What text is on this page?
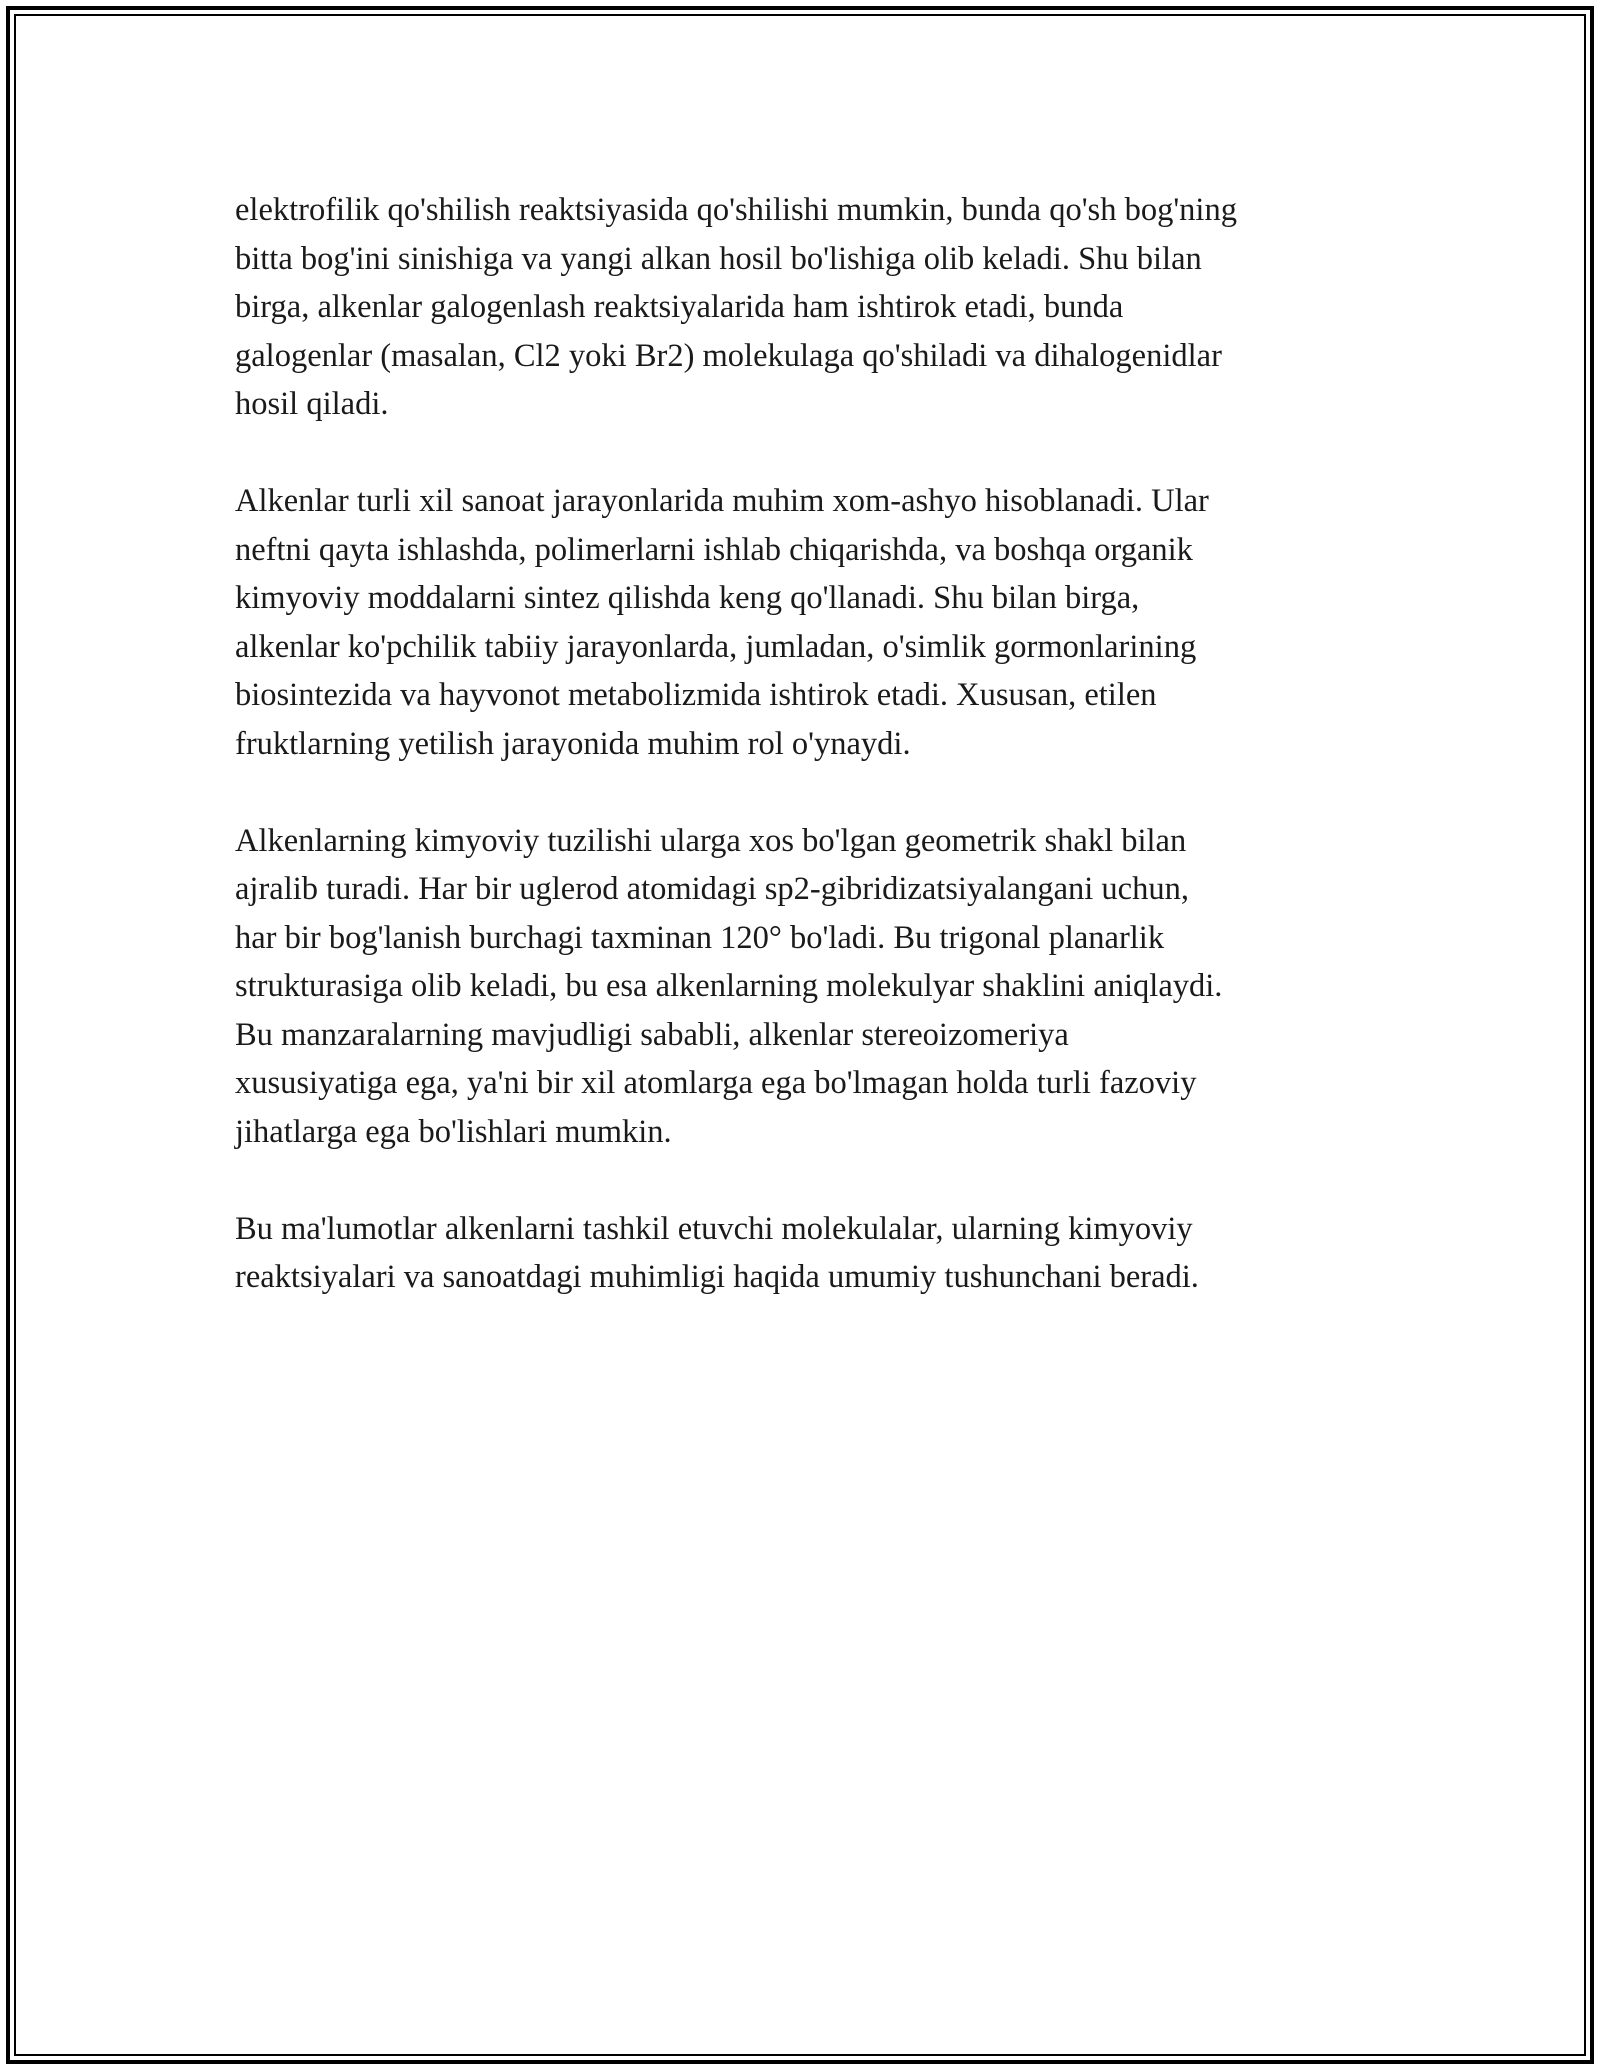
elektrofilik qo'shilish reaktsiyasida qo'shilishi mumkin, bunda qo'sh bog'ning
bitta bog'ini sinishiga va yangi alkan hosil bo'lishiga olib keladi. Shu bilan
birga, alkenlar galogenlash reaktsiyalarida ham ishtirok etadi, bunda
galogenlar (masalan, Cl2 yoki Br2) molekulaga qo'shiladi va dihalogenidlar
hosil qiladi.

Alkenlar turli xil sanoat jarayonlarida muhim xom-ashyo hisoblanadi. Ular
neftni qayta ishlashda, polimerlarni ishlab chiqarishda, va boshqa organik
kimyoviy moddalarni sintez qilishda keng qo'llanadi. Shu bilan birga,
alkenlar ko'pchilik tabiiy jarayonlarda, jumladan, o'simlik gormonlarining
biosintezida va hayvonot metabolizmida ishtirok etadi. Xususan, etilen
fruktlarning yetilish jarayonida muhim rol o'ynaydi.

Alkenlarning kimyoviy tuzilishi ularga xos bo'lgan geometrik shakl bilan
ajralib turadi. Har bir uglerod atomidagi sp2-gibridizatsiyalangani uchun,
har bir bog'lanish burchagi taxminan 120° bo'ladi. Bu trigonal planarlik
strukturasiga olib keladi, bu esa alkenlarning molekulyar shaklini aniqlaydi.
Bu manzaralarning mavjudligi sababli, alkenlar stereoizomeriya
xususiyatiga ega, ya'ni bir xil atomlarga ega bo'lmagan holda turli fazoviy
jihatlarga ega bo'lishlari mumkin.

Bu ma'lumotlar alkenlarni tashkil etuvchi molekulalar, ularning kimyoviy
reaktsiyalari va sanoatdagi muhimligi haqida umumiy tushunchani beradi.
